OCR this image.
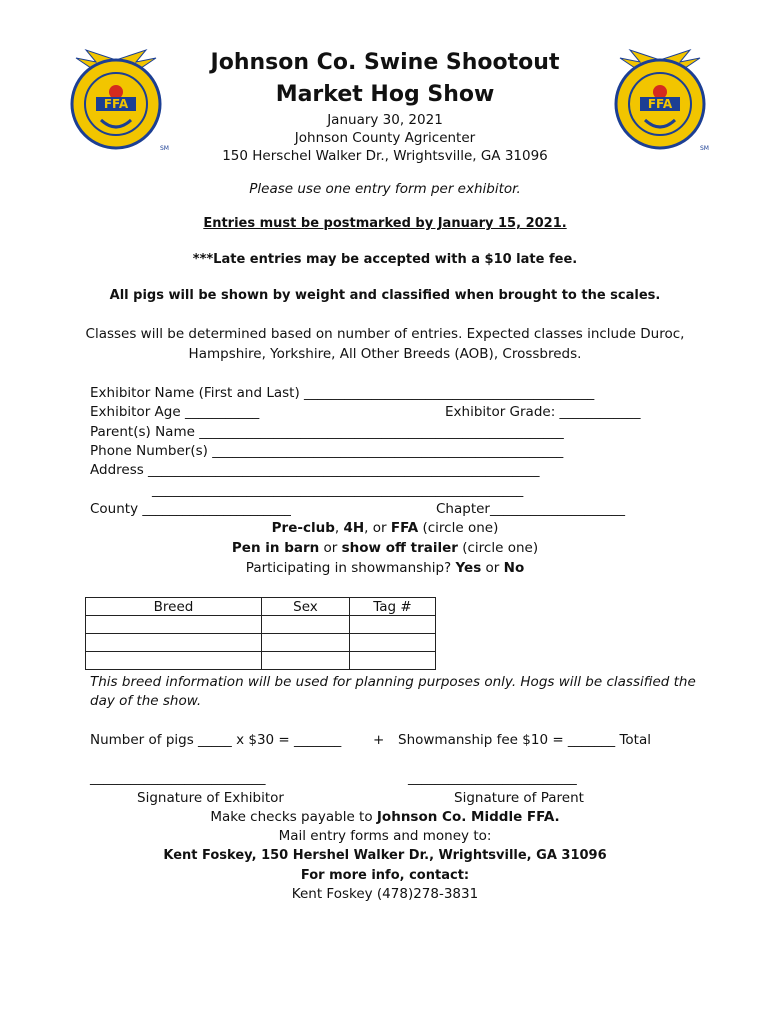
FFA
SM
FFA
SM
Johnson Co. Swine Shootout
Market Hog Show
January 30, 2021
Johnson County Agricenter
150 Herschel Walker Dr., Wrightsville, GA 31096
Please use one entry form per exhibitor.
Entries must be postmarked by January 15, 2021.
***Late entries may be accepted with a $10 late fee.
All pigs will be shown by weight and classified when brought to the scales.
Classes will be determined based on number of entries. Expected classes include Duroc,
Hampshire, Yorkshire, All Other Breeds (AOB), Crossbreds.
Exhibitor Name (First and Last) ___________________________________________
Exhibitor Age ___________	Exhibitor Grade: ____________
Parent(s) Name ______________________________________________________
Phone Number(s) ____________________________________________________
Address __________________________________________________________
_______________________________________________________
County ______________________	Chapter____________________
Pre-club, 4H, or FFA (circle one)
Pen in barn or show off trailer (circle one)
Participating in showmanship? Yes or No
Breed	Sex	Tag #

This breed information will be used for planning purposes only. Hogs will be classified the
day of the show.
Number of pigs _____ x $30 = _______ + Showmanship fee $10 = _______ Total
__________________________	_________________________
Signature of Exhibitor	Signature of Parent
Make checks payable to Johnson Co. Middle FFA.
Mail entry forms and money to:
Kent Foskey, 150 Hershel Walker Dr., Wrightsville, GA 31096
For more info, contact:
Kent Foskey (478)278-3831
